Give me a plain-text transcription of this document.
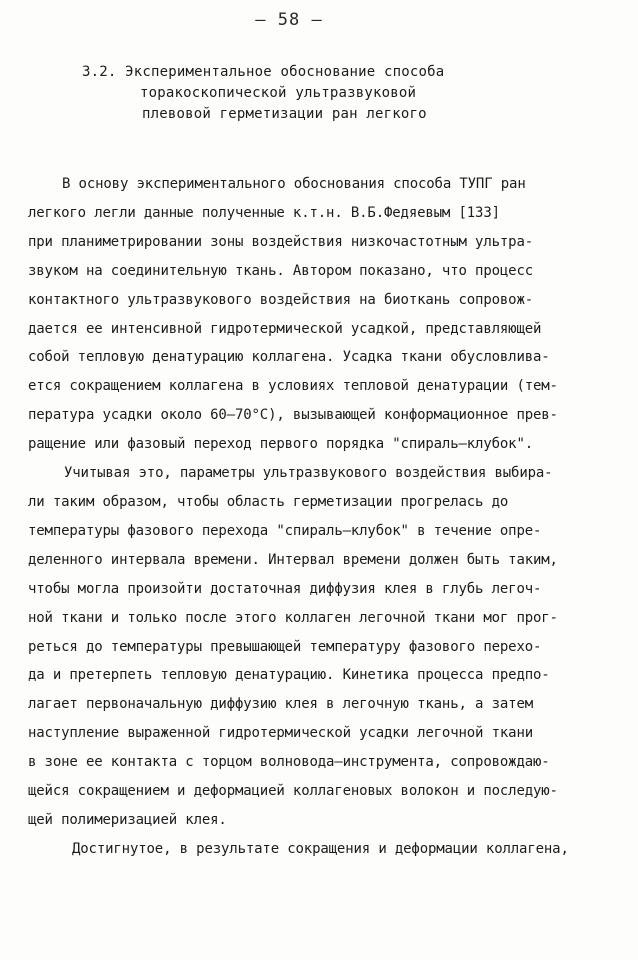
– 58 –
3.2. Экспериментальное обоснование способа
торакоскопической ультразвуковой
плевовой герметизации ран легкого
В основу экспериментального обоснования способа ТУПГ ран
легкого легли данные полученные к.т.н. В.Б.Федяевым [133]
при планиметрировании зоны воздействия низкочастотным ультра-
звуком на соединительную ткань. Автором показано, что процесс
контактного ультразвукового воздействия на биоткань сопровож-
дается ее интенсивной гидротермической усадкой, представляющей
собой тепловую денатурацию коллагена. Усадка ткани обусловлива-
ется сокращением коллагена в условиях тепловой денатурации (тем-
пература усадки около 60–70°С), вызывающей конформационное прев-
ращение или фазовый переход первого порядка "спираль–клубок".
Учитывая это, параметры ультразвукового воздействия выбира-
ли таким образом, чтобы область герметизации прогрелась до
температуры фазового перехода "спираль–клубок" в течение опре-
деленного интервала времени. Интервал времени должен быть таким,
чтобы могла произойти достаточная диффузия клея в глубь легоч-
ной ткани и только после этого коллаген легочной ткани мог прог-
реться до температуры превышающей температуру фазового перехо-
да и претерпеть тепловую денатурацию. Кинетика процесса предпо-
лагает первоначальную диффузию клея в легочную ткань, а затем
наступление выраженной гидротермической усадки легочной ткани
в зоне ее контакта с торцом волновода–инструмента, сопровождаю-
щейся сокращением и деформацией коллагеновых волокон и последую-
щей полимеризацией клея.
Достигнутое, в результате сокращения и деформации коллагена,
